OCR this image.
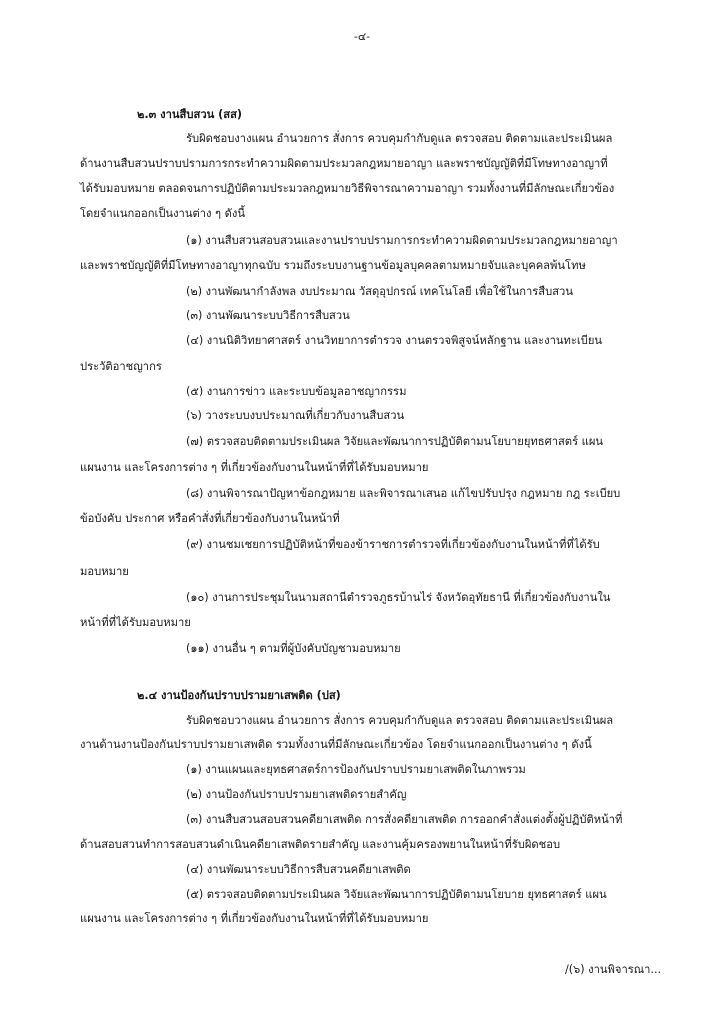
-๔-
๒.๓ งานสืบสวน (สส)
รับผิดชอบงางแผน อำนวยการ สั่งการ ควบคุมกำกับดูแล ตรวจสอบ ติดตามและประเมินผล
ด้านงานสืบสวนปราบปรามการกระทำความผิดตามประมวลกฎหมายอาญา และพราชบัญญัติที่มีโทษทางอาญาที่
ได้รับมอบหมาย ตลอดจนการปฏิบัติตามประมวลกฎหมายวิธีพิจารณาความอาญา รวมทั้งงานที่มีลักษณะเกี่ยวข้อง
โดยจำแนกออกเป็นงานต่าง ๆ ดังนี้
(๑) งานสืบสวนสอบสวนและงานปราบปรามการกระทำความผิดตามประมวลกฎหมายอาญา
และพราชบัญญัติที่มีโทษทางอาญาทุกฉบับ รวมถึงระบบงานฐานข้อมูลบุคคลตามหมายจับและบุคคลพ้นโทษ
(๒) งานพัฒนากำลังพล งบประมาณ วัสดุอุปกรณ์ เทคโนโลยี เพื่อใช้ในการสืบสวน
(๓) งานพัฒนาระบบวิธีการสืบสวน
(๔) งานนิติวิทยาศาสตร์ งานวิทยาการตำรวจ งานตรวจพิสูจน์หลักฐาน และงานทะเบียน
ประวัติอาชญากร
(๕) งานการข่าว และระบบข้อมูลอาชญากรรม
(๖) วางระบบงบประมาณที่เกี่ยวกับงานสืบสวน
(๗) ตรวจสอบติดตามประเมินผล วิจัยและพัฒนาการปฏิบัติตามนโยบายยุทธศาสตร์ แผน
แผนงาน และโครงการต่าง ๆ ที่เกี่ยวข้องกับงานในหน้าที่ที่ได้รับมอบหมาย
(๘) งานพิจารณาปัญหาข้อกฎหมาย และพิจารณาเสนอ แก้ไขปรับปรุง กฎหมาย กฎ ระเบียบ
ข้อบังคับ ประกาศ หรือคำสั่งที่เกี่ยวข้องกับงานในหน้าที่
(๙) งานชมเชยการปฏิบัติหน้าที่ของข้าราชการตำรวจที่เกี่ยวข้องกับงานในหน้าที่ที่ได้รับ
มอบหมาย
(๑๐) งานการประชุมในนามสถานีตำรวจภูธรบ้านไร่ จังหวัดอุทัยธานี ที่เกี่ยวข้องกับงานใน
หน้าที่ที่ได้รับมอบหมาย
(๑๑) งานอื่น ๆ ตามที่ผู้บังคับบัญชามอบหมาย
๒.๔ งานป้องกันปราบปรามยาเสพติด (ปส)
รับผิดชอบวางแผน อำนวยการ สั่งการ ควบคุมกำกับดูแล ตรวจสอบ ติดตามและประเมินผล
งานด้านงานป้องกันปราบปรามยาเสพติด รวมทั้งงานที่มีลักษณะเกี่ยวข้อง โดยจำแนกออกเป็นงานต่าง ๆ ดังนี้
(๑) งานแผนและยุทธศาสตร์การป้องกันปราบปรามยาเสพติดในภาพรวม
(๒) งานป้องกันปราบปรามยาเสพติดรายสำคัญ
(๓) งานสืบสวนสอบสวนคดียาเสพติด การสั่งคดียาเสพติด การออกคำสั่งแต่งตั้งผู้ปฏิบัติหน้าที่
ด้านสอบสวนทำการสอบสวนดำเนินคดียาเสพติดรายสำคัญ และงานคุ้มครองพยานในหน้าที่รับผิดชอบ
(๔) งานพัฒนาระบบวิธีการสืบสวนคดียาเสพติด
(๕) ตรวจสอบติดตามประเมินผล วิจัยและพัฒนาการปฏิบัติตามนโยบาย ยุทธศาสตร์ แผน
แผนงาน และโครงการต่าง ๆ ที่เกี่ยวข้องกับงานในหน้าที่ที่ได้รับมอบหมาย
/(๖) งานพิจารณา...
